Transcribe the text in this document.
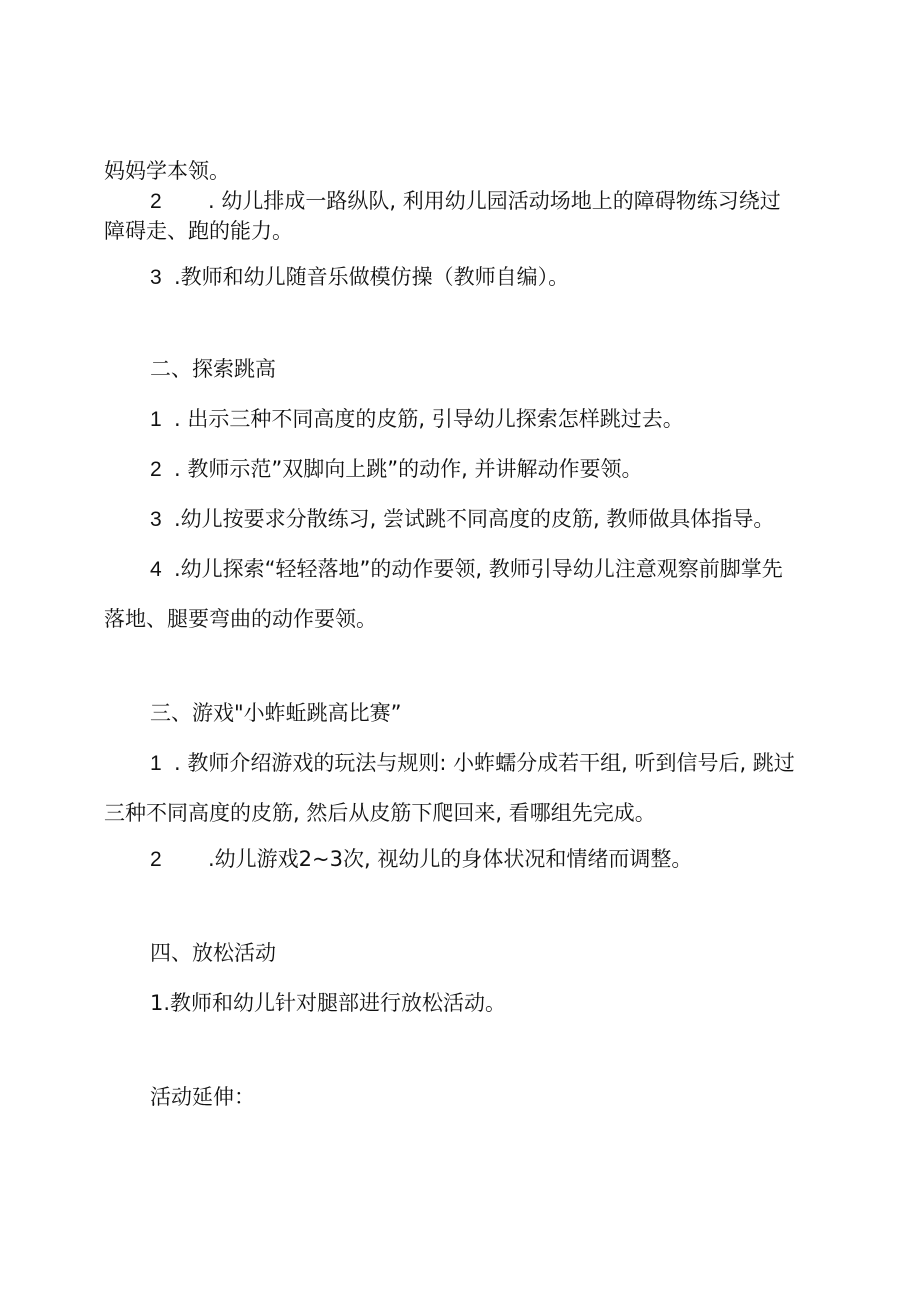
妈妈学本领。

2 . 幼儿排成一路纵队, 利用幼儿园活动场地上的障碍物练习绕过

障碍走、跑的能力。

3 .教师和幼儿随音乐做模仿操（教师自编）。

二、探索跳高

1 . 出示三种不同高度的皮筋, 引导幼儿探索怎样跳过去。

2 . 教师示范”双脚向上跳”的动作, 并讲解动作要领。

3 .幼儿按要求分散练习, 尝试跳不同高度的皮筋, 教师做具体指导。

4 .幼儿探索“轻轻落地”的动作要领, 教师引导幼儿注意观察前脚掌先

落地、腿要弯曲的动作要领。

三、游戏"小蚱蚯跳高比赛”

1 . 教师介绍游戏的玩法与规则: 小蚱蠕分成若干组, 听到信号后, 跳过

三种不同高度的皮筋, 然后从皮筋下爬回来, 看哪组先完成。

2 .幼儿游戏2~3次, 视幼儿的身体状况和情绪而调整。

四、放松活动

1.教师和幼儿针对腿部进行放松活动。

活动延伸：
